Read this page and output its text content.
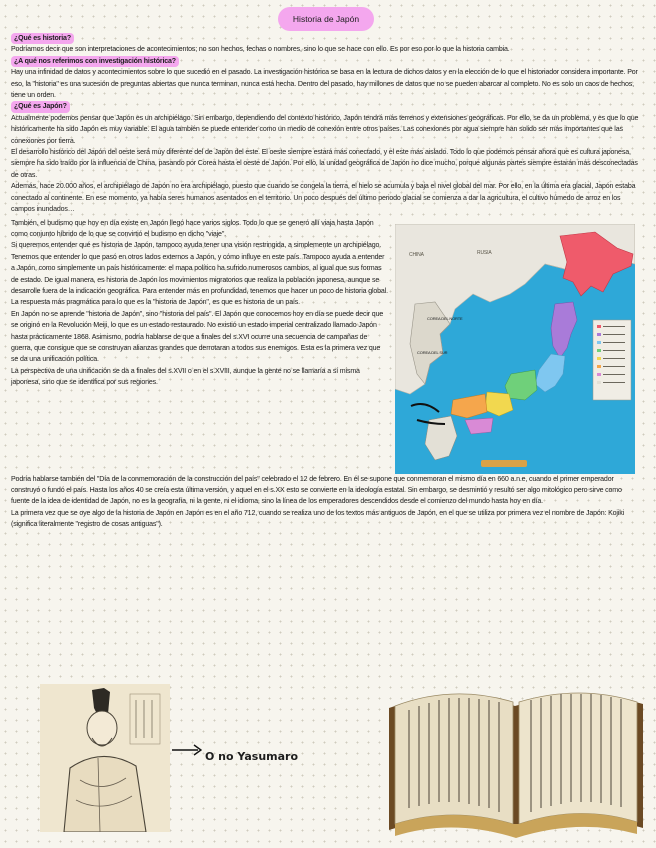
Historia de Japón

¿Qué es historia?

Podríamos decir que son interpretaciones de acontecimientos; no son hechos, fechas o nombres, sino lo que se hace con ello. Es por eso por lo que la historia cambia.

¿A qué nos referimos con investigación histórica?

Hay una infinidad de datos y acontecimientos sobre lo que sucedió en el pasado. La investigación histórica se basa en la lectura de dichos datos y en la elección de lo que el historiador considera importante. Por eso, la "historia" es una sucesión de preguntas abiertas que nunca terminan, nunca está hecha. Dentro del pasado, hay millones de datos que no se pueden abarcar al completo. No es solo un caos de hechos, tiene un orden.

¿Qué es Japón?

Actualmente podemos pensar que Japón es un archipiélago. Sin embargo, dependiendo del contexto histórico, Japón tendrá más terrenos y extensiones geográficas. Por ello, se da un problema, y es que lo que históricamente ha sido Japón es muy variable. El agua también se puede entender como un medio de conexión entre otros países. Las conexiones por agua siempre han solido ser más importantes que las conexiones por tierra.

El desarrollo histórico del Japón del oeste será muy diferente del de Japón del este. El oeste siempre estará más conectado, y el este más aislado. Todo lo que podemos pensar ahora que es cultura japonesa, siempre ha sido traído por la influencia de China, pasando por Corea hasta el oeste de Japón. Por ello, la unidad geográfica de Japón no dice mucho, porque algunas partes siempre estarán más desconectadas de otras.

Además, hace 20.000 años, el archipiélago de Japón no era archipiélago, puesto que cuando se congela la tierra, el hielo se acumula y baja el nivel global del mar. Por ello, en la última era glacial, Japón estaba conectado al continente. En ese momento, ya había seres humanos asentados en el territorio. Un poco después del último periodo glacial se comienza a dar la agricultura, el cultivo húmedo de arroz en los campos inundados…

También, el budismo que hoy en día existe en Japón llegó hace varios siglos. Todo lo que se generó allí viaja hasta Japón como conjunto híbrido de lo que se convirtió el budismo en dicho "viaje".

Si queremos entender qué es historia de Japón, tampoco ayuda tener una visión restringida, a simplemente un archipiélago. Tenemos que entender lo que pasó en otros lados externos a Japón, y cómo influye en este país. Tampoco ayuda a entender a Japón, como simplemente un país históricamente: el mapa político ha sufrido numerosos cambios, al igual que sus formas de estado. De igual manera, es historia de Japón los movimientos migratorios que realiza la población japonesa, aunque se desarrolle fuera de la indicación geográfica. Para entender más en profundidad, tenemos que hacer un poco de historia global. La respuesta más pragmática para lo que es la "historia de Japón", es que es historia de un país.

En Japón no se aprende "historia de Japón", sino "historia del país". El Japón que conocemos hoy en día se puede decir que se originó en la Revolución Meiji, lo que es un estado restaurado. No existió un estado imperial centralizado llamado Japón hasta prácticamente 1868. Asimismo, podría hablarse de que a finales del s.XVI ocurre una secuencia de campañas de guerra, que consigue que se construyan alianzas grandes que derrotaran a todos sus enemigos. Esta es la primera vez que se da una unificación política.

La perspectiva de una unificación se da a finales del s.XVII o en el s.XVIII, aunque la gente no se llamaría a sí misma japonesa, sino que se identifica por sus regiones.

CHINA	RUSIA
COREA DEL NORTE
COREA DEL SUR

Podría hablarse también del "Día de la conmemoración de la construcción del país" celebrado el 12 de febrero. En él se supone que conmemoran el mismo día en 660 a.n.e, cuando el primer emperador construyó o fundó el país. Hasta los años 40 se creía esta última versión, y aquel en el s.XX esto se convierte en la ideología estatal. Sin embargo, se desmintió y resultó ser algo mitológico pero sirve como fuente de la idea de identidad de Japón, no es la geografía, ni la gente, ni el idioma, sino la línea de los emperadores descendidos desde el comienzo del mundo hasta hoy en día.

La primera vez que se oye algo de la historia de Japón en Japón es en el año 712, cuando se realiza uno de los textos más antiguos de Japón, en el que se utiliza por primera vez el nombre de Japón: Kojiki (significa literalmente "registro de cosas antiguas").

O no Yasumaro
